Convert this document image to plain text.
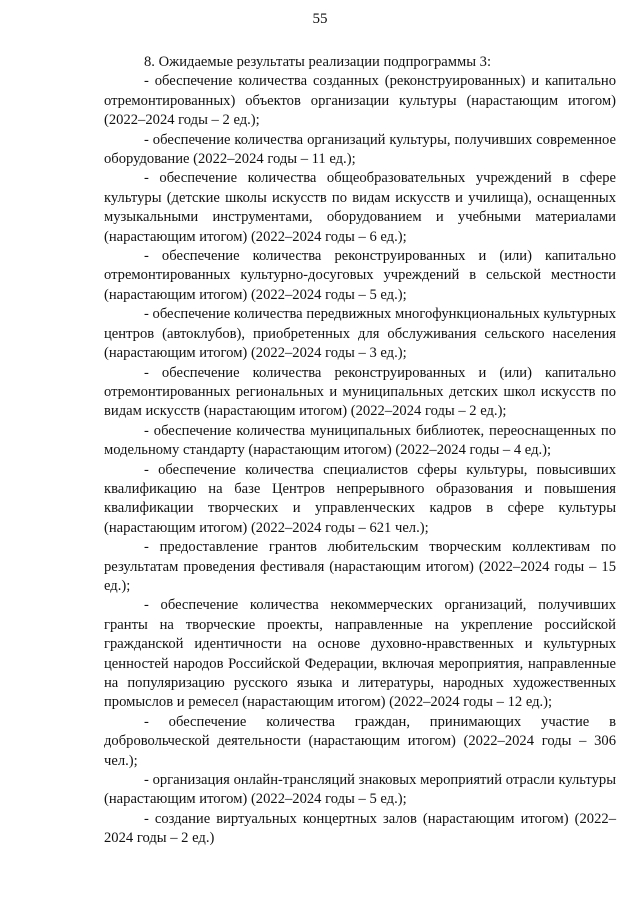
55

8. Ожидаемые результаты реализации подпрограммы 3:

- обеспечение количества созданных (реконструированных) и капитально отремонтированных) объектов организации культуры (нарастающим итогом) (2022–2024 годы – 2 ед.);

- обеспечение количества организаций культуры, получивших современное оборудование (2022–2024 годы – 11 ед.);

- обеспечение количества общеобразовательных учреждений в сфере культуры (детские школы искусств по видам искусств и училища), оснащенных музыкальными инструментами, оборудованием и учебными материалами (нарастающим итогом) (2022–2024 годы – 6 ед.);

- обеспечение количества реконструированных и (или) капитально отремонтированных культурно-досуговых учреждений в сельской местности (нарастающим итогом) (2022–2024 годы – 5 ед.);

- обеспечение количества передвижных многофункциональных культурных центров (автоклубов), приобретенных для обслуживания сельского населения (нарастающим итогом) (2022–2024 годы – 3 ед.);

- обеспечение количества реконструированных и (или) капитально отремонтированных региональных и муниципальных детских школ искусств по видам искусств (нарастающим итогом) (2022–2024 годы – 2 ед.);

- обеспечение количества муниципальных библиотек, переоснащенных по модельному стандарту (нарастающим итогом) (2022–2024 годы – 4 ед.);

- обеспечение количества специалистов сферы культуры, повысивших квалификацию на базе Центров непрерывного образования и повышения квалификации творческих и управленческих кадров в сфере культуры (нарастающим итогом) (2022–2024 годы – 621 чел.);

- предоставление грантов любительским творческим коллективам по результатам проведения фестиваля (нарастающим итогом) (2022–2024 годы – 15 ед.);

- обеспечение количества некоммерческих организаций, получивших гранты на творческие проекты, направленные на укрепление российской гражданской идентичности на основе духовно-нравственных и культурных ценностей народов Российской Федерации, включая мероприятия, направленные на популяризацию русского языка и литературы, народных художественных промыслов и ремесел (нарастающим итогом) (2022–2024 годы – 12 ед.);

- обеспечение количества граждан, принимающих участие в добровольческой деятельности (нарастающим итогом) (2022–2024 годы – 306 чел.);

- организация онлайн-трансляций знаковых мероприятий отрасли культуры (нарастающим итогом) (2022–2024 годы – 5 ед.);

- создание виртуальных концертных залов (нарастающим итогом) (2022–2024 годы – 2 ед.)
